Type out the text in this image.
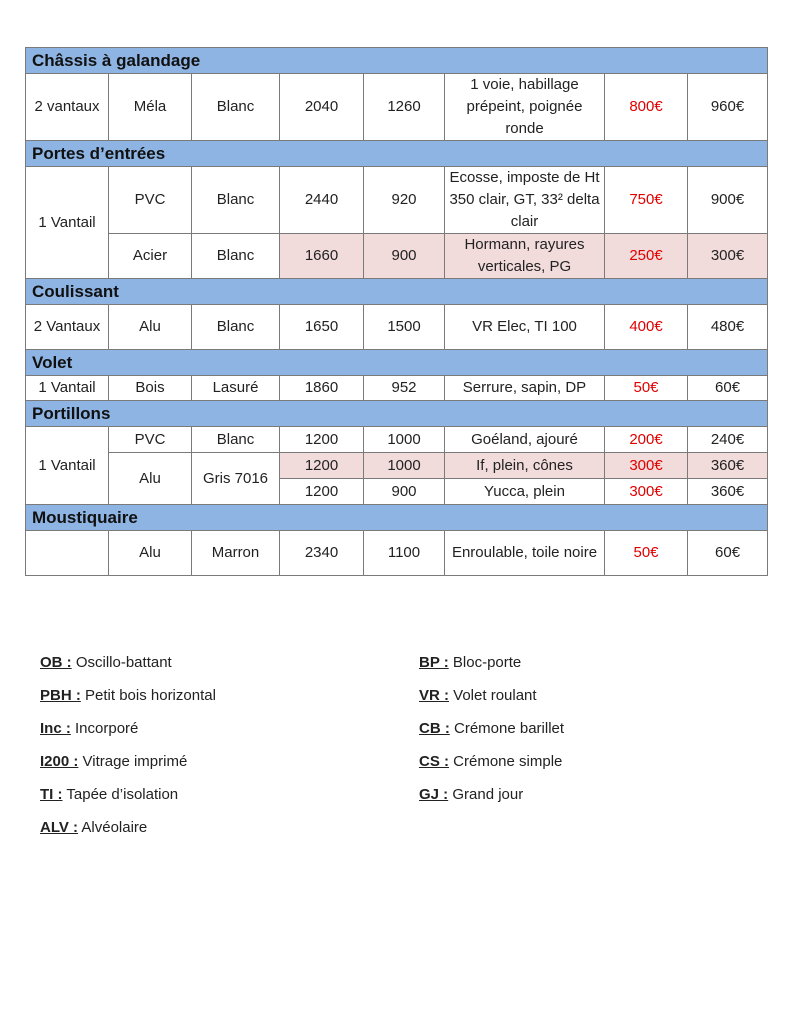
Châssis à galandage							
2 vantaux	Méla	Blanc	2040	1260	1 voie, habillage prépeint, poignée ronde	800€	960€
Portes d’entrées							
1 Vantail	PVC	Blanc	2440	920	Ecosse, imposte de Ht 350 clair, GT, 33² delta clair	750€	900€
	Acier	Blanc	1660	900	Hormann, rayures verticales, PG	250€	300€
Coulissant							
2 Vantaux	Alu	Blanc	1650	1500	VR Elec, TI 100	400€	480€
Volet							
1 Vantail	Bois	Lasuré	1860	952	Serrure, sapin, DP	50€	60€
Portillons							
1 Vantail	PVC	Blanc	1200	1000	Goéland, ajouré	200€	240€
	Alu	Gris 7016	1200	1000	If, plein, cônes	300€	360€
			1200	900	Yucca, plein	300€	360€
Moustiquaire							
	Alu	Marron	2340	1100	Enroulable, toile noire	50€	60€
OB : Oscillo-battant
PBH : Petit bois horizontal
Inc : Incorporé
I200 : Vitrage imprimé
TI : Tapée d’isolation
ALV : Alvéolaire
BP : Bloc-porte
VR : Volet roulant
CB : Crémone barillet
CS : Crémone simple
GJ : Grand jour
